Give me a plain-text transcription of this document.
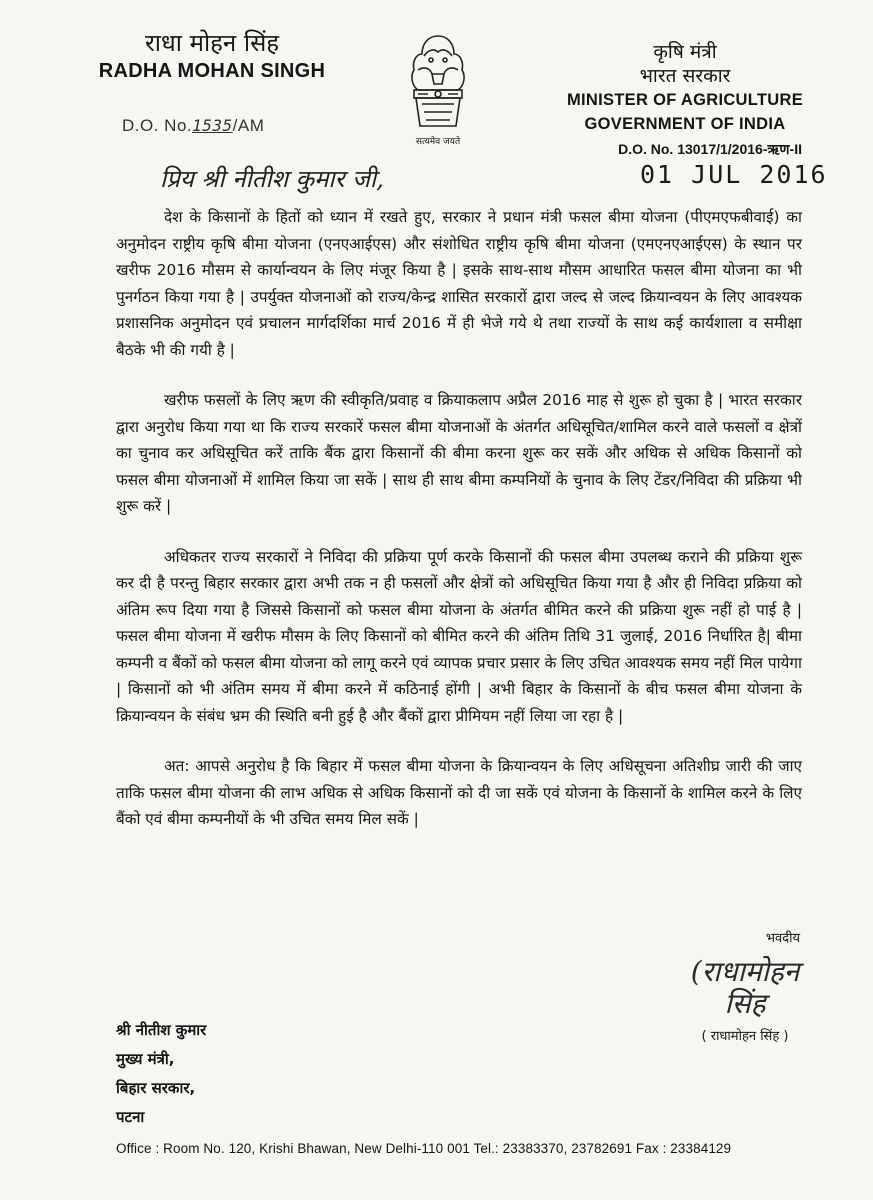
राधा मोहन सिंह
RADHA MOHAN SINGH
सत्यमेव जयते
कृषि मंत्री
भारत सरकार
MINISTER OF AGRICULTURE
GOVERNMENT OF INDIA
D.O. No. 13017/1/2016-ऋण-II
D.O. No.1535/AM
प्रिय श्री नीतीश कुमार जी,	01 JUL 2016

देश के किसानों के हितों को ध्यान में रखते हुए, सरकार ने प्रधान मंत्री फसल बीमा योजना (पीएमएफबीवाई) का अनुमोदन राष्ट्रीय कृषि बीमा योजना (एनएआईएस) और संशोधित राष्ट्रीय कृषि बीमा योजना (एमएनएआईएस) के स्थान पर खरीफ 2016 मौसम से कार्यान्वयन के लिए मंजूर किया है | इसके साथ-साथ मौसम आधारित फसल बीमा योजना का भी पुनर्गठन किया गया है | उपर्युक्त योजनाओं को राज्य/केन्द्र शासित सरकारों द्वारा जल्द से जल्द क्रियान्वयन के लिए आवश्यक प्रशासनिक अनुमोदन एवं प्रचालन मार्गदर्शिका मार्च 2016 में ही भेजे गये थे तथा राज्यों के साथ कई कार्यशाला व समीक्षा बैठके भी की गयी है |

खरीफ फसलों के लिए ऋण की स्वीकृति/प्रवाह व क्रियाकलाप अप्रैल 2016 माह से शुरू हो चुका है | भारत सरकार द्वारा अनुरोध किया गया था कि राज्य सरकारें फसल बीमा योजनाओं के अंतर्गत अधिसूचित/शामिल करने वाले फसलों व क्षेत्रों का चुनाव कर अधिसूचित करें ताकि बैंक द्वारा किसानों की बीमा करना शुरू कर सकें और अधिक से अधिक किसानों को फसल बीमा योजनाओं में शामिल किया जा सकें | साथ ही साथ बीमा कम्पनियों के चुनाव के लिए टेंडर/निविदा की प्रक्रिया भी शुरू करें |

अधिकतर राज्य सरकारों ने निविदा की प्रक्रिया पूर्ण करके किसानों की फसल बीमा उपलब्ध कराने की प्रक्रिया शुरू कर दी है परन्तु बिहार सरकार द्वारा अभी तक न ही फसलों और क्षेत्रों को अधिसूचित किया गया है और ही निविदा प्रक्रिया को अंतिम रूप दिया गया है जिससे किसानों को फसल बीमा योजना के अंतर्गत बीमित करने की प्रक्रिया शुरू नहीं हो पाई है | फसल बीमा योजना में खरीफ मौसम के लिए किसानों को बीमित करने की अंतिम तिथि 31 जुलाई, 2016 निर्धारित है| बीमा कम्पनी व बैंकों को फसल बीमा योजना को लागू करने एवं व्यापक प्रचार प्रसार के लिए उचित आवश्यक समय नहीं मिल पायेगा | किसानों को भी अंतिम समय में बीमा करने में कठिनाई होंगी | अभी बिहार के किसानों के बीच फसल बीमा योजना के क्रियान्वयन के संबंध भ्रम की स्थिति बनी हुई है और बैंकों द्वारा प्रीमियम नहीं लिया जा रहा है |

अत: आपसे अनुरोध है कि बिहार में फसल बीमा योजना के क्रियान्वयन के लिए अधिसूचना अतिशीघ्र जारी की जाए ताकि फसल बीमा योजना की लाभ अधिक से अधिक किसानों को दी जा सकें एवं योजना के किसानों के शामिल करने के लिए बैंको एवं बीमा कम्पनीयों के भी उचित समय मिल सकें |

भवदीय
(राधामोहन सिंह
( राधामोहन सिंह )
श्री नीतीश कुमार
मुख्य मंत्री,
बिहार सरकार,
पटना
Office : Room No. 120, Krishi Bhawan, New Delhi-110 001 Tel.: 23383370, 23782691 Fax : 23384129
